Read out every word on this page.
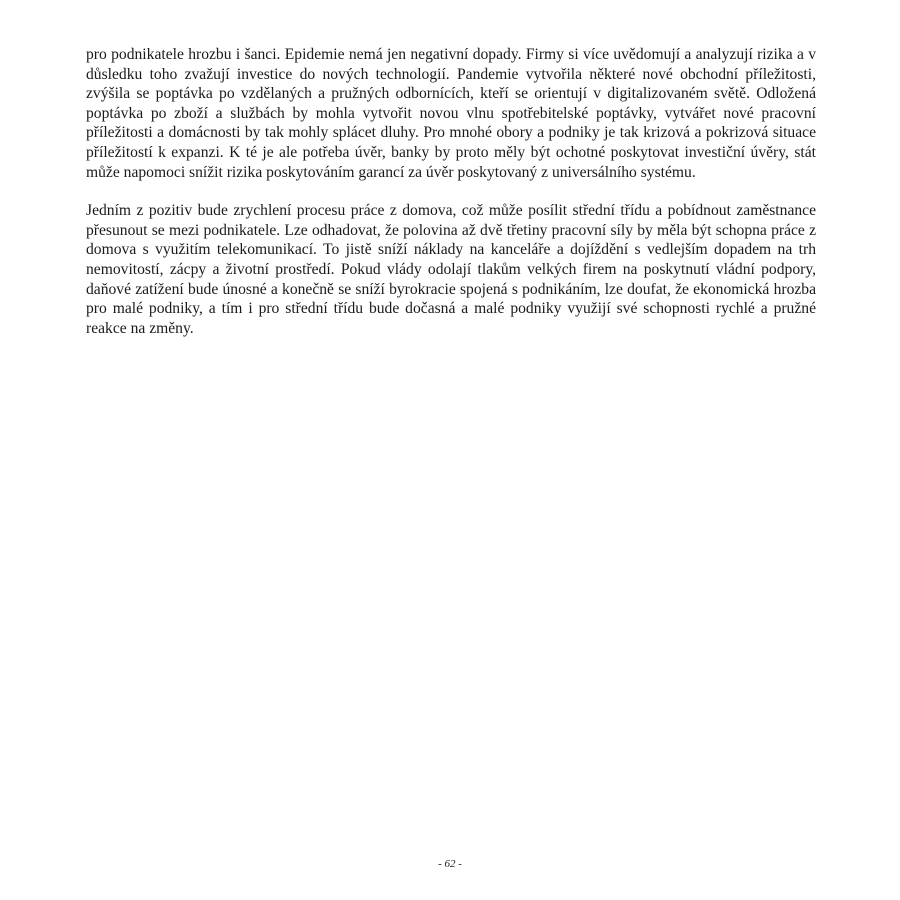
pro podnikatele hrozbu i šanci. Epidemie nemá jen negativní dopady. Firmy si více uvědomují a analyzují rizika a v důsledku toho zvažují investice do nových technologií. Pandemie vytvořila některé nové obchodní příležitosti, zvýšila se poptávka po vzdělaných a pružných odbornících, kteří se orientují v digitalizovaném světě. Odložená poptávka po zboží a službách by mohla vytvořit novou vlnu spotřebitelské poptávky, vytvářet nové pracovní příležitosti a domácnosti by tak mohly splácet dluhy. Pro mnohé obory a podniky je tak krizová a pokrizová situace příležitostí k expanzi. K té je ale potřeba úvěr, banky by proto měly být ochotné poskytovat investiční úvěry, stát může napomoci snížit rizika poskytováním garancí za úvěr poskytovaný z universálního systému.

Jedním z pozitiv bude zrychlení procesu práce z domova, což může posílit střední třídu a pobídnout zaměstnance přesunout se mezi podnikatele. Lze odhadovat, že polovina až dvě třetiny pracovní síly by měla být schopna práce z domova s využitím telekomunikací. To jistě sníží náklady na kanceláře a dojíždění s vedlejším dopadem na trh nemovitostí, zácpy a životní prostředí. Pokud vlády odolají tlakům velkých firem na poskytnutí vládní podpory, daňové zatížení bude únosné a konečně se sníží byrokracie spojená s podnikáním, lze doufat, že ekonomická hrozba pro malé podniky, a tím i pro střední třídu bude dočasná a malé podniky využijí své schopnosti rychlé a pružné reakce na změny.

- 62 -
